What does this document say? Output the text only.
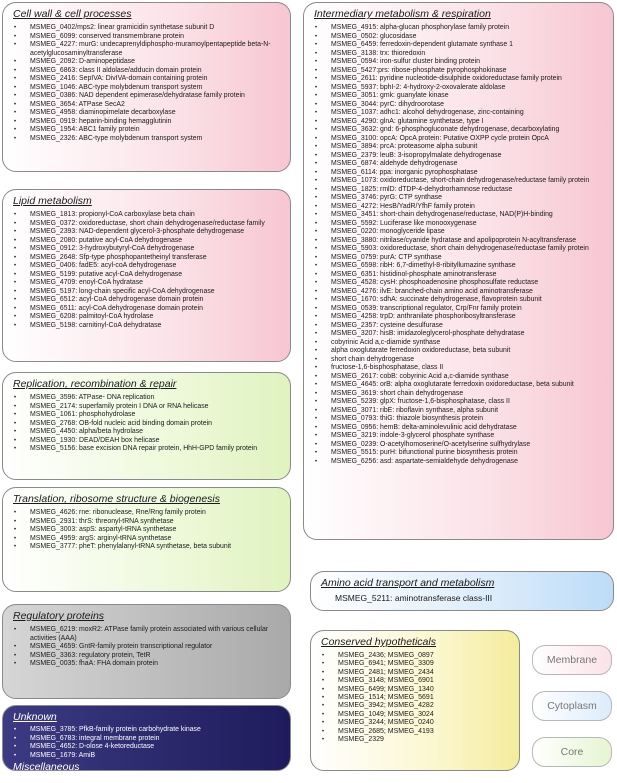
Cell wall & cell processes
• MSMEG_0402/mps2: linear gramicidin synthetase subunit D
• MSMEG_6099: conserved transmembrane protein
• MSMEG_4227: murG: undecaprenyldiphospho-muramoylpentapeptide beta-N-acetylglucosaminyltransferase
• MSMEG_2092: D-aminopeptidase
• MSMEG_6863: class II aldolase/adducin domain protein
• MSMEG_2416: SepIVA: DivIVA-domain containing protein
• MSMEG_1046: ABC-type molybdenum transport system
• MSMEG_0386: NAD dependent epimerase/dehydratase family protein
• MSMEG_3654: ATPase SecA2
• MSMEG_4958: diaminopimelate decarboxylase
• MSMEG_0919: heparin-binding hemagglutinin
• MSMEG_1954: ABC1 family protein
• MSMEG_2326: ABC-type molybdenum transport system
Lipid metabolism
• MSMEG_1813: propionyl-CoA carboxylase beta chain
• MSMEG_0372: oxidoreductase, short chain dehydrogenase/reductase family
• MSMEG_2393: NAD-dependent glycerol-3-phosphate dehydrogenase
• MSMEG_2080: putative acyl-CoA dehydrogenase
• MSMEG_0912: 3-hydroxybutyryl-CoA dehydrogenase
• MSMEG_2648: Sfp-type phosphopantetheinyl transferase
• MSMEG_0406: fadE5: acyl-coA dehydrogenase
• MSMEG_5199: putative acyl-CoA dehydrogenase
• MSMEG_4709: enoyl-CoA hydratase
• MSMEG_5197: long-chain specific acyl-CoA dehydrogenase
• MSMEG_6512: acyl-CoA dehydrogenase domain protein
• MSMEG_6511: acyl-CoA dehydrogenase domain protein
• MSMEG_6208: palmitoyl-CoA hydrolase
• MSMEG_5198: carnitinyl-CoA dehydratase
Replication, recombination & repair
• MSMEG_3596: ATPase- DNA replication
• MSMEG_2174: superfamily protein I DNA or RNA helicase
• MSMEG_1061: phosphohydrolase
• MSMEG_2768: OB-fold nucleic acid binding domain protein
• MSMEG_4450: alpha/beta hydrolase
• MSMEG_1930: DEAD/DEAH box helicase
• MSMEG_5156: base excision DNA repair protein, HhH-GPD family protein
Translation, ribosome structure & biogenesis
• MSMEG_4626: rne: ribonuclease, Rne/Rng family protein
• MSMEG_2931: thrS: threonyl-tRNA synthetase
• MSMEG_3003: aspS: aspartyl-tRNA synthetase
• MSMEG_4959: argS: arginyl-tRNA synthetase
• MSMEG_3777: pheT: phenylalanyl-tRNA synthetase, beta subunit
Regulatory proteins
• MSMEG_6219: moxR2: ATPase family protein associated with various cellular activities (AAA)
• MSMEG_4659: GntR-family protein transcriptional regulator
• MSMEG_3363: regulatory protein, TetR
• MSMEG_0035: fhaA: FHA domain protein
Unknown
• MSMEG_3785: PfkB-family protein carbohydrate kinase
• MSMEG_6783: integral membrane protein
• MSMEG_4652: D-olose 4-ketoreductase
• MSMEG_1679: AmiB
Miscellaneous
• MSMEG_6514: trehalose synthase-fused probable maltokinase
Intermediary metabolism & respiration
• MSMEG_4915: alpha-glucan phosphorylase family protein
• MSMEG_0502: glucosidase
• MSMEG_6459: ferredoxin-dependent glutamate synthase 1
• MSMEG_3138: trx: thioredoxin
• MSMEG_0594: iron-sulfur cluster binding protein
• MSMEG_5427:prs: ribose-phosphate pyrophosphokinase
• MSMEG_2611: pyridine nucleotide-disulphide oxidoreductase family protein
• MSMEG_5937: bphI-2: 4-hydroxy-2-oxovalerate aldolase
• MSMEG_3051: gmk: guanylate kinase
• MSMEG_3044: pyrC: dihydroorotase
• MSMEG_1037: adhc1: alcohol dehydrogenase, zinc-containing
• MSMEG_4290: glnA: glutamine synthetase, type I
• MSMEG_3632: gnd: 6-phosphogluconate dehydrogenase, decarboxylating
• MSMEG_3100: opcA: OpcA protein: Putative OXPP cycle protein OpcA
• MSMEG_3894: prcA: proteasome alpha subunit
• MSMEG_2379: leuB: 3-isopropylmalate dehydrogenase
• MSMEG_6874: aldehyde dehydrogenase
• MSMEG_6114: ppa: inorganic pyrophosphatase
• MSMEG_1073: oxidoreductase, short-chain dehydrogenase/reductase family protein
• MSMEG_1825: rmlD: dTDP-4-dehydrorhamnose reductase
• MSMEG_3746: pyrG: CTP synthase
• MSMEG_4272: HesB/YadR/YfhF family protein
• MSMEG_3451: short-chain dehydrogenase/reductase, NAD(P)H-binding
• MSMEG_5592: Luciferase like monooxygenase
• MSMEG_0220: monoglyceride lipase
• MSMEG_3880: nitrilase/cyanide hydratase and apolipoprotein N-acyltransferase
• MSMEG_5903: oxidoreductase, short chain dehydrogenase/reductase family protein
• MSMEG_0759: purA: CTP synthase
• MSMEG_6598: ribH: 6,7-dimethyl-8-ribityllumazine synthase
• MSMEG_6351: histidinol-phosphate aminotransferase
• MSMEG_4528: cysH: phosphoadenosine phosphosulfate reductase
• MSMEG_4276: ilvE: branched-chain amino acid aminotransferase
• MSMEG_1670: sdhA: succinate dehydrogenase, flavoprotein subunit
• MSMEG_0539: transcriptional regulator, Crp/Fnr family protein
• MSMEG_4258: trpD: anthranilate phosphoribosyltransferase
• MSMEG_2357: cysteine desulfurase
• MSMEG_3207: hisB: imidazoleglycerol-phosphate dehydratase
• cobyrinic Acid a,c-diamide synthase
• alpha oxoglutarate ferredoxin oxidoreductase, beta subunit
• short chain dehydrogenase
• fructose-1,6-bisphosphatase, class II
• MSMEG_2617: cobB: cobyrinic Acid a,c-diamide synthase
• MSMEG_4645: orB: alpha oxoglutarate ferredoxin oxidoreductase, beta subunit
• MSMEG_3619: short chain dehydrogenase
• MSMEG_5239: glpX: fructose-1,6-bisphosphatase, class II
• MSMEG_3071: ribE: riboflavin synthase, alpha subunit
• MSMEG_0793: thiG: thiazole biosynthesis protein
• MSMEG_0956: hemB: delta-aminolevulinic acid dehydratase
• MSMEG_3219: indole-3-glycerol phosphate synthase
• MSMEG_0239: O-acetylhomoserine/O-acetylserine sulfhydrylase
• MSMEG_5515: purH: bifunctional purine biosynthesis protein
• MSMEG_6256: asd: aspartate-semialdehyde dehydrogenase
Amino acid transport and metabolism
MSMEG_5211: aminotransferase class-III
Conserved hypotheticals
• MSMEG_2436; MSMEG_0897
• MSMEG_6941; MSMEG_3309
• MSMEG_2481; MSMEG_2434
• MSMEG_3148; MSMEG_6901
• MSMEG_6499; MSMEG_1340
• MSMEG_1514; MSMEG_5691
• MSMEG_3942; MSMEG_4282
• MSMEG_1049; MSMEG_3024
• MSMEG_3244; MSMEG_0240
• MSMEG_2685; MSMEG_4193
• MSMEG_2329
Membrane
Cytoplasm
Core
